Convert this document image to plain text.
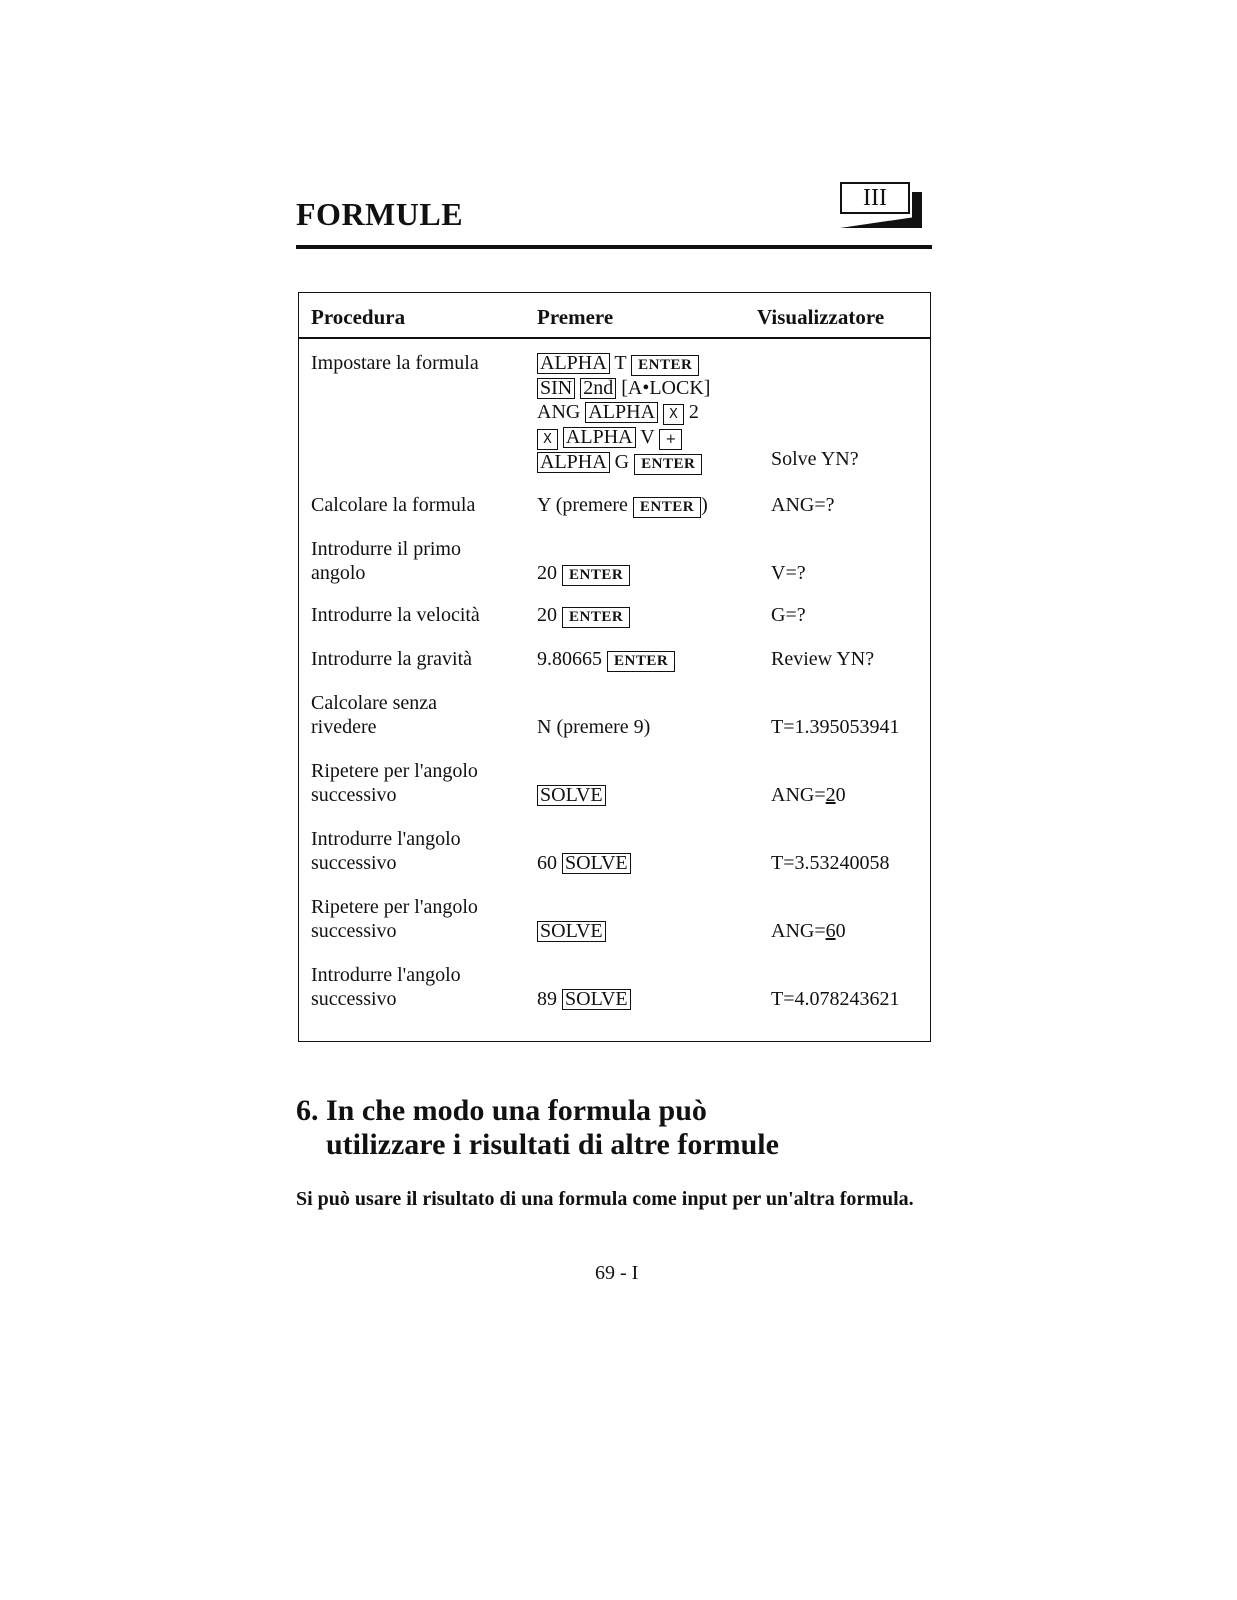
FORMULE	III
Procedura	Premere	Visualizzatore
Impostare la formula	ALPHA T ENTER
SIN 2nd [A•LOCK]
ANG ALPHA X 2
X ALPHA V +
ALPHA G ENTER	Solve YN?
Calcolare la formula	Y (premere ENTER )	ANG=?
Introdurre il primo
angolo	20 ENTER	V=?
Introdurre la velocità	20 ENTER	G=?
Introdurre la gravità	9.80665 ENTER	Review YN?
Calcolare senza
rivedere	N (premere 9)	T=1.395053941
Ripetere per l'angolo
successivo	SOLVE	ANG=20
Introdurre l'angolo
successivo	60 SOLVE	T=3.53240058
Ripetere per l'angolo
successivo	SOLVE	ANG=60
Introdurre l'angolo
successivo	89 SOLVE	T=4.078243621
6. In che modo una formula può
utilizzare i risultati di altre formule
Si può usare il risultato di una formula come input per un'altra formula.
69 - I
